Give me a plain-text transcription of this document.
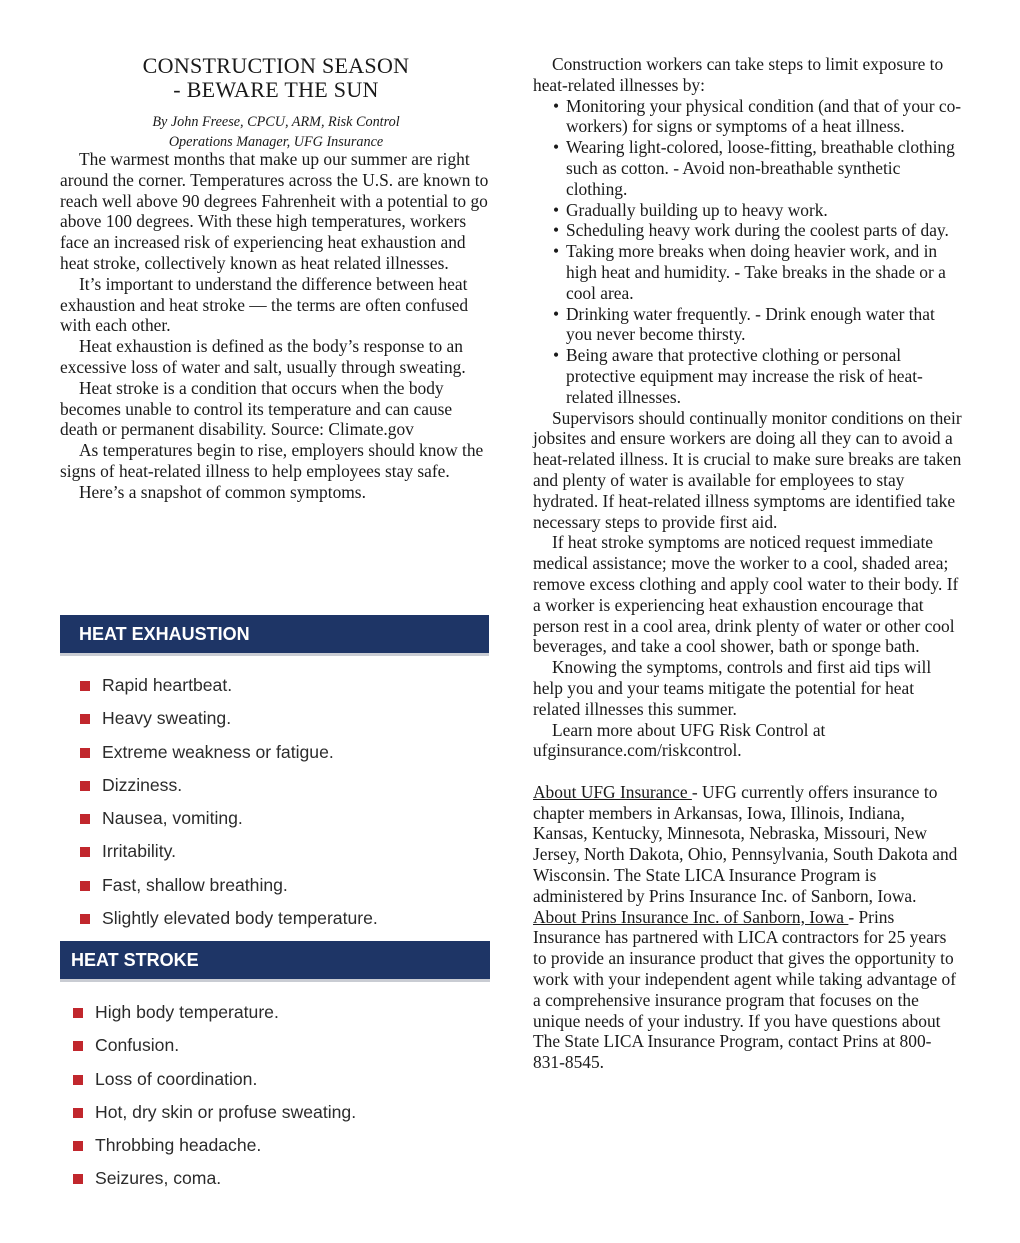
CONSTRUCTION SEASON
- BEWARE THE SUN

By John Freese, CPCU, ARM, Risk Control

Operations Manager, UFG Insurance

The warmest months that make up our summer are right around the corner. Temperatures across the U.S. are known to reach well above 90 degrees Fahrenheit with a potential to go above 100 degrees. With these high temperatures, workers face an increased risk of experiencing heat exhaustion and heat stroke, collectively known as heat related illnesses.

It’s important to understand the difference between heat exhaustion and heat stroke — the terms are often confused with each other.

Heat exhaustion is defined as the body’s response to an excessive loss of water and salt, usually through sweating.

Heat stroke is a condition that occurs when the body becomes unable to control its temperature and can cause death or permanent disability. Source: Climate.gov

As temperatures begin to rise, employers should know the signs of heat-related illness to help employees stay safe.

Here’s a snapshot of common symptoms.

HEAT EXHAUSTION
Rapid heartbeat.
Heavy sweating.
Extreme weakness or fatigue.
Dizziness.
Nausea, vomiting.
Irritability.
Fast, shallow breathing.
Slightly elevated body temperature.
HEAT STROKE
High body temperature.
Confusion.
Loss of coordination.
Hot, dry skin or profuse sweating.
Throbbing headache.
Seizures, coma.

Construction workers can take steps to limit exposure to heat-related illnesses by:

• Monitoring your physical condition (and that of your co-workers) for signs or symptoms of a heat illness.
• Wearing light-colored, loose-fitting, breathable clothing such as cotton. - Avoid non-breathable synthetic clothing.
• Gradually building up to heavy work.
• Scheduling heavy work during the coolest parts of day.
• Taking more breaks when doing heavier work, and in high heat and humidity. - Take breaks in the shade or a cool area.
• Drinking water frequently. - Drink enough water that you never become thirsty.
• Being aware that protective clothing or personal protective equipment may increase the risk of heat-related illnesses.

Supervisors should continually monitor conditions on their jobsites and ensure workers are doing all they can to avoid a heat-related illness. It is crucial to make sure breaks are taken and plenty of water is available for employees to stay hydrated. If heat-related illness symptoms are identified take necessary steps to provide first aid.

If heat stroke symptoms are noticed request immediate medical assistance; move the worker to a cool, shaded area; remove excess clothing and apply cool water to their body. If a worker is experiencing heat exhaustion encourage that person rest in a cool area, drink plenty of water or other cool beverages, and take a cool shower, bath or sponge bath.

Knowing the symptoms, controls and first aid tips will help you and your teams mitigate the potential for heat related illnesses this summer.

Learn more about UFG Risk Control at ufginsurance.com/riskcontrol.

About UFG Insurance - UFG currently offers insurance to chapter members in Arkansas, Iowa, Illinois, Indiana, Kansas, Kentucky, Minnesota, Nebraska, Missouri, New Jersey, North Dakota, Ohio, Pennsylvania, South Dakota and Wisconsin. The State LICA Insurance Program is administered by Prins Insurance Inc. of Sanborn, Iowa.

About Prins Insurance Inc. of Sanborn, Iowa - Prins Insurance has partnered with LICA contractors for 25 years to provide an insurance product that gives the opportunity to work with your independent agent while taking advantage of a comprehensive insurance program that focuses on the unique needs of your industry. If you have questions about The State LICA Insurance Program, contact Prins at 800-831-8545.
